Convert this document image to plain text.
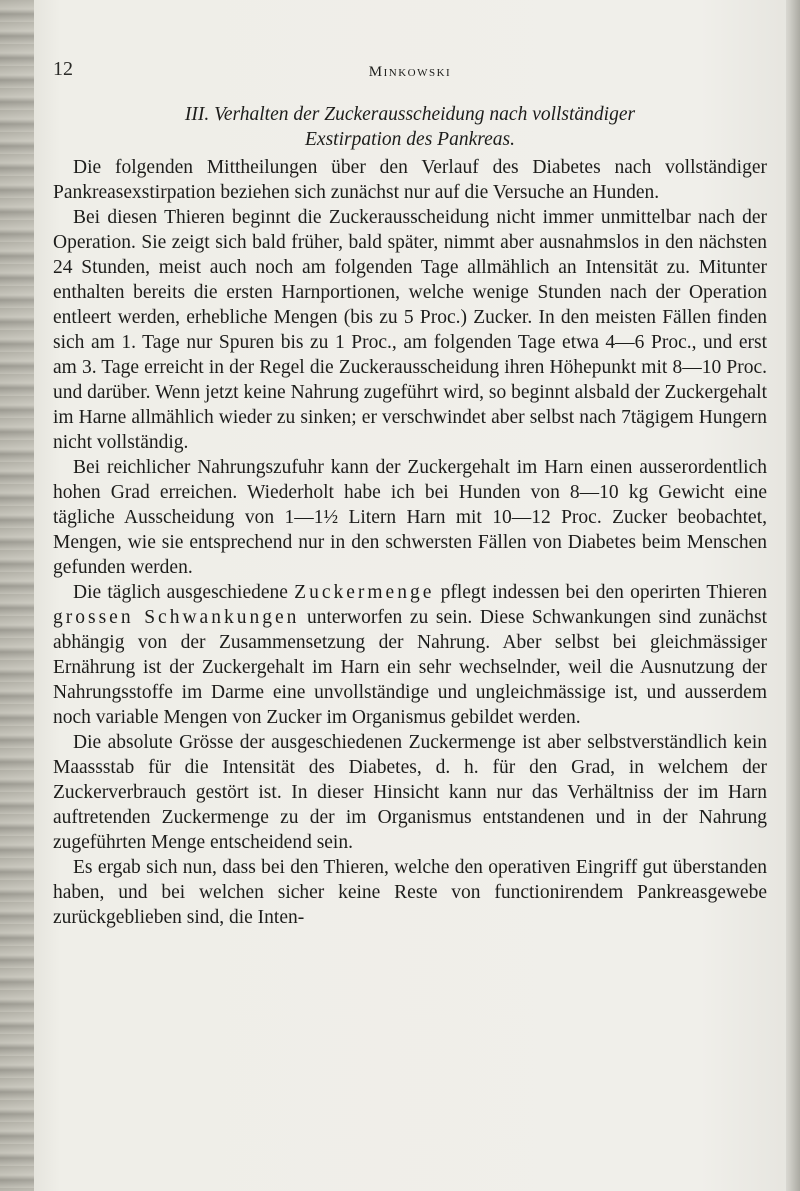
12	Minkowski
III. Verhalten der Zuckerausscheidung nach vollständiger
Exstirpation des Pankreas.

Die folgenden Mittheilungen über den Verlauf des Diabetes nach vollständiger Pankreasexstirpation beziehen sich zunächst nur auf die Versuche an Hunden.

Bei diesen Thieren beginnt die Zuckerausscheidung nicht immer unmittelbar nach der Operation. Sie zeigt sich bald früher, bald später, nimmt aber ausnahmslos in den nächsten 24 Stunden, meist auch noch am folgenden Tage allmählich an Intensität zu. Mitunter enthalten bereits die ersten Harnportionen, welche wenige Stunden nach der Operation entleert werden, erhebliche Mengen (bis zu 5 Proc.) Zucker. In den meisten Fällen finden sich am 1. Tage nur Spuren bis zu 1 Proc., am folgenden Tage etwa 4—6 Proc., und erst am 3. Tage erreicht in der Regel die Zuckerausscheidung ihren Höhepunkt mit 8—10 Proc. und darüber. Wenn jetzt keine Nahrung zugeführt wird, so beginnt alsbald der Zuckergehalt im Harne allmählich wieder zu sinken; er verschwindet aber selbst nach 7tägigem Hungern nicht vollständig.

Bei reichlicher Nahrungszufuhr kann der Zuckergehalt im Harn einen ausserordentlich hohen Grad erreichen. Wiederholt habe ich bei Hunden von 8—10 kg Gewicht eine tägliche Ausscheidung von 1—1½ Litern Harn mit 10—12 Proc. Zucker beobachtet, Mengen, wie sie entsprechend nur in den schwersten Fällen von Diabetes beim Menschen gefunden werden.

Die täglich ausgeschiedene Zuckermenge pflegt indessen bei den operirten Thieren grossen Schwankungen unterworfen zu sein. Diese Schwankungen sind zunächst abhängig von der Zusammensetzung der Nahrung. Aber selbst bei gleichmässiger Ernährung ist der Zuckergehalt im Harn ein sehr wechselnder, weil die Ausnutzung der Nahrungsstoffe im Darme eine unvollständige und ungleichmässige ist, und ausserdem noch variable Mengen von Zucker im Organismus gebildet werden.

Die absolute Grösse der ausgeschiedenen Zuckermenge ist aber selbstverständlich kein Maassstab für die Intensität des Diabetes, d. h. für den Grad, in welchem der Zuckerverbrauch gestört ist. In dieser Hinsicht kann nur das Verhältniss der im Harn auftretenden Zuckermenge zu der im Organismus entstandenen und in der Nahrung zugeführten Menge entscheidend sein.

Es ergab sich nun, dass bei den Thieren, welche den operativen Eingriff gut überstanden haben, und bei welchen sicher keine Reste von functionirendem Pankreasgewebe zurückgeblieben sind, die Inten-
